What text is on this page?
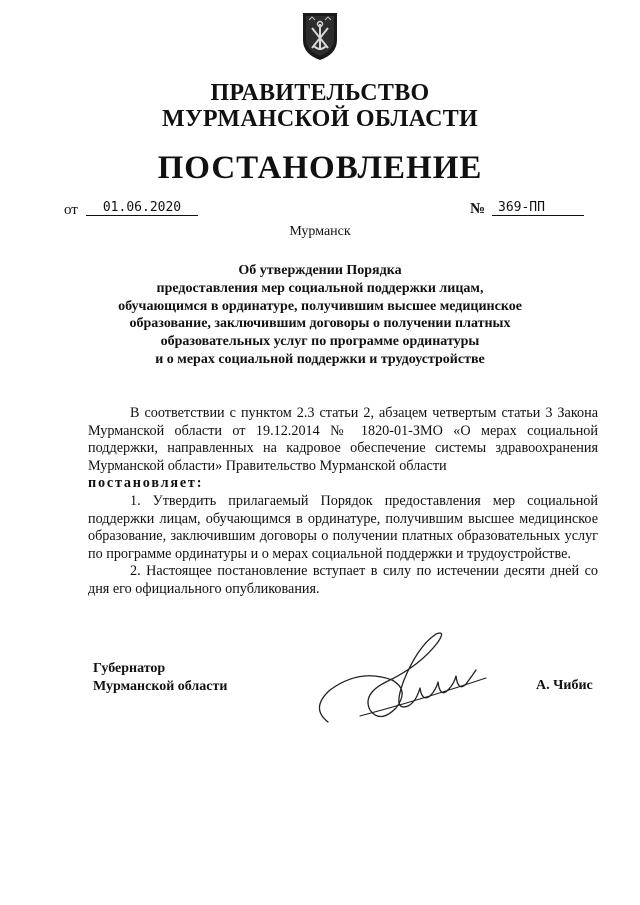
ПРАВИТЕЛЬСТВО
МУРМАНСКОЙ ОБЛАСТИ
ПОСТАНОВЛЕНИЕ
от	01.06.2020	№ 369-ПП
Мурманск
Об утверждении Порядка
предоставления мер социальной поддержки лицам,
обучающимся в ординатуре, получившим высшее медицинское
образование, заключившим договоры о получении платных
образовательных услуг по программе ординатуры
и о мерах социальной поддержки и трудоустройстве

В соответствии с пунктом 2.3 статьи 2, абзацем четвертым статьи 3 Закона Мурманской области от 19.12.2014 № 1820-01-ЗМО «О мерах социальной поддержки, направленных на кадровое обеспечение системы здравоохранения Мурманской области» Правительство Мурманской области

постановляет:

1. Утвердить прилагаемый Порядок предоставления мер социальной поддержки лицам, обучающимся в ординатуре, получившим высшее медицинское образование, заключившим договоры о получении платных образовательных услуг по программе ординатуры и о мерах социальной поддержки и трудоустройстве.

2. Настоящее постановление вступает в силу по истечении десяти дней со дня его официального опубликования.

Губернатор
Мурманской области	А. Чибис
